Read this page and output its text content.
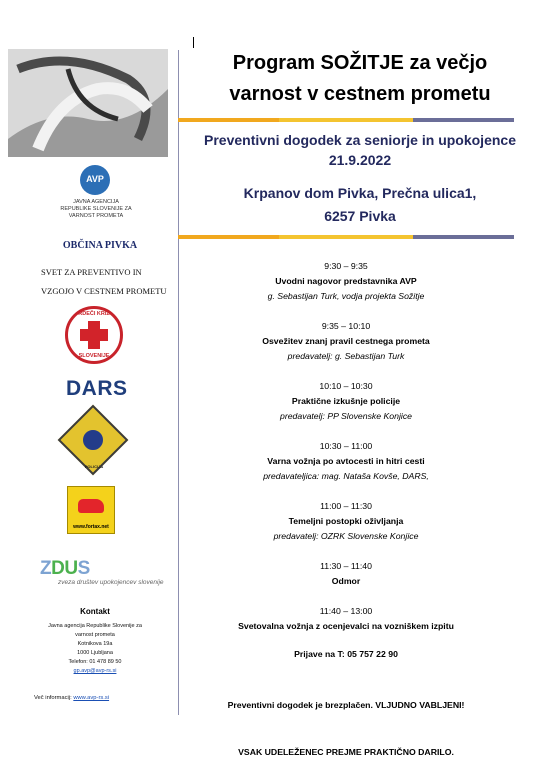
AVP
JAVNA AGENCIJA REPUBLIKE SLOVENIJE ZA VARNOST PROMETA
OBČINA PIVKA
SVET ZA PREVENTIVO IN
VZGOJO V CESTNEM PROMETU
RDEČI KRIŽ
SLOVENIJE
DARS
POLICIJA
www.fortax.net
ZDUS
zveza društev upokojencev slovenije
Kontakt
Javna agencija Republike Slovenije za
varnost prometa
Kotnikova 19a
1000 Ljubljana
Telefon: 01 478 89 50
gp.avp@avp-rs.si
Več informacij: www.avp-rs.si
Program SOŽITJE za večjo
varnost v cestnem prometu
Preventivni dogodek za seniorje in upokojence
21.9.2022
Krpanov dom Pivka, Prečna ulica1,
6257 Pivka
9:30 – 9:35
Uvodni nagovor predstavnika AVP
g. Sebastijan Turk, vodja projekta Sožitje
9:35 – 10:10
Osvežitev znanj pravil cestnega prometa
predavatelj: g. Sebastijan Turk
10:10 – 10:30
Praktične izkušnje policije
predavatelj: PP Slovenske Konjice
10:30 – 11:00
Varna vožnja po avtocesti in hitri cesti
predavateljica: mag. Nataša Kovše, DARS,
11:00 – 11:30
Temeljni postopki oživljanja
predavatelj: OZRK Slovenske Konjice
11:30 – 11:40
Odmor
11:40 – 13:00
Svetovalna vožnja z ocenjevalci na vozniškem izpitu
Prijave na T: 05 757 22 90
Preventivni dogodek je brezplačen. VLJUDNO VABLJENI!
VSAK UDELEŽENEC PREJME PRAKTIČNO DARILO.
